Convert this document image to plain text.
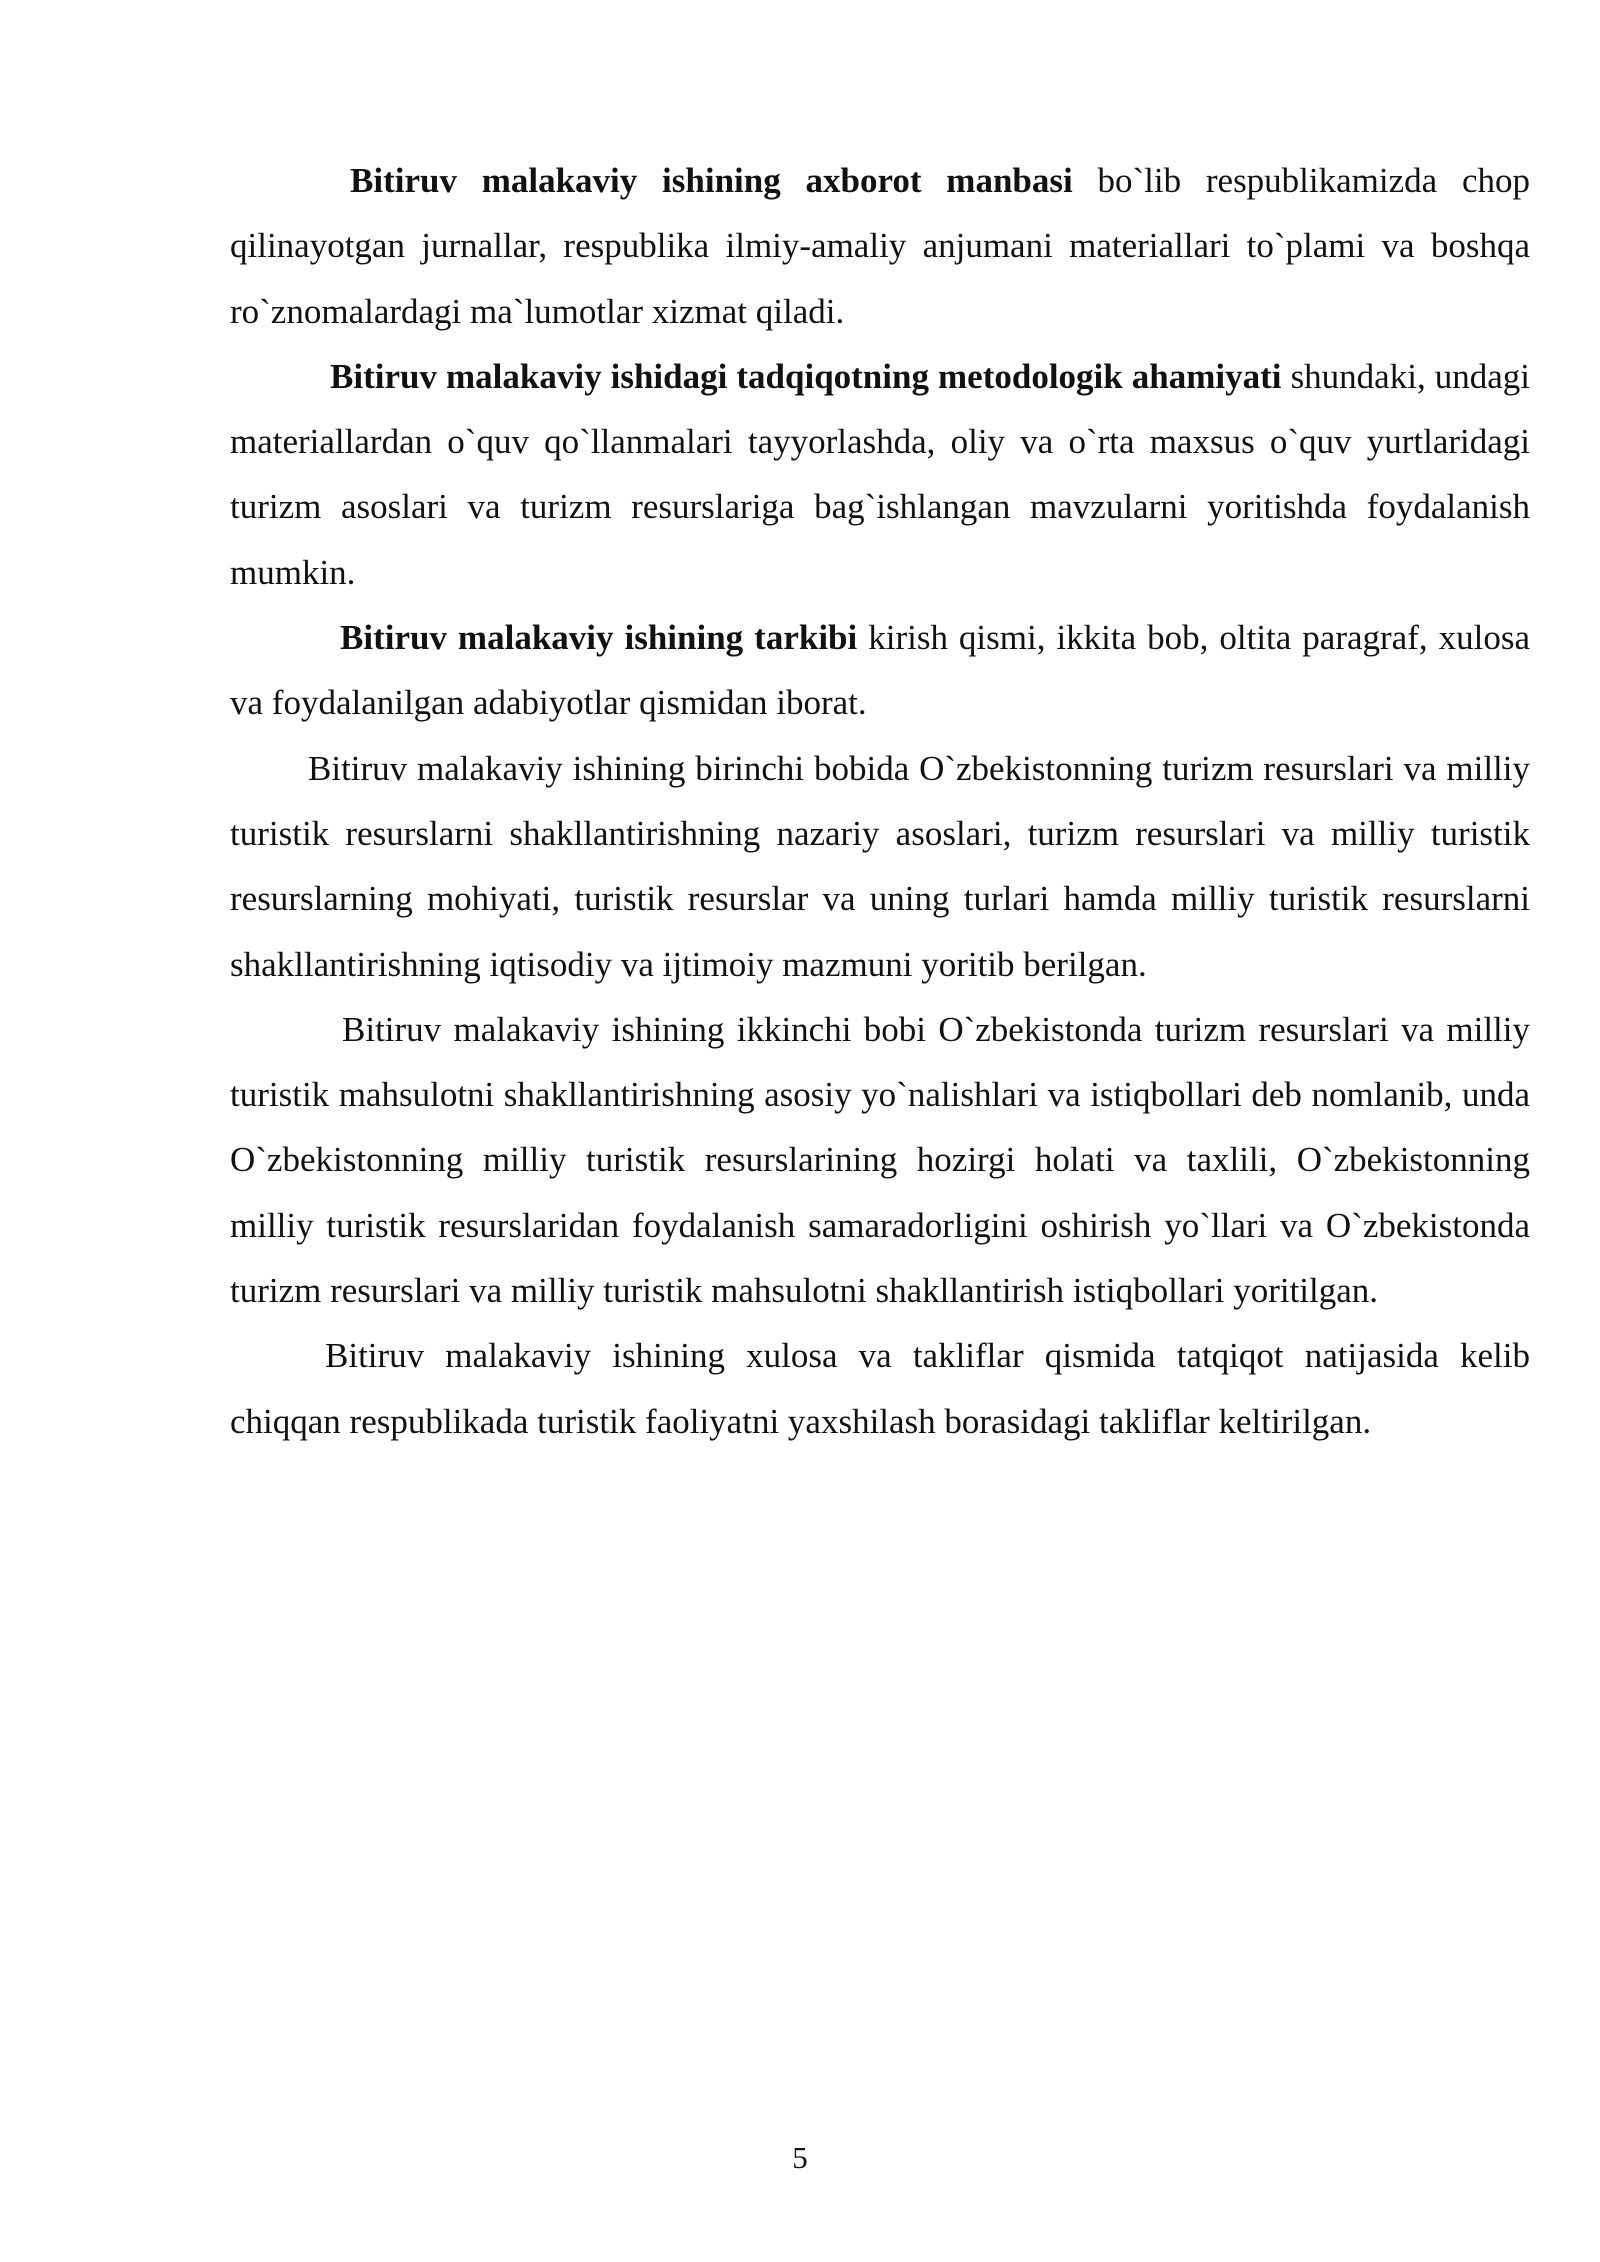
Bitiruv malakaviy ishining axborot manbasi bo`lib respublikamizda chop qilinayotgan jurnallar, respublika ilmiy-amaliy anjumani materiallari to`plami va boshqa ro`znomalardagi ma`lumotlar xizmat qiladi.

Bitiruv malakaviy ishidagi tadqiqotning metodologik ahamiyati shundaki, undagi materiallardan o`quv qo`llanmalari tayyorlashda, oliy va o`rta maxsus o`quv yurtlaridagi turizm asoslari va turizm resurslariga bag`ishlangan mavzularni yoritishda foydalanish mumkin.

Bitiruv malakaviy ishining tarkibi kirish qismi, ikkita bob, oltita paragraf, xulosa va foydalanilgan adabiyotlar qismidan iborat.

Bitiruv malakaviy ishining birinchi bobida O`zbekistonning turizm resurslari va milliy turistik resurslarni shakllantirishning nazariy asoslari, turizm resurslari va milliy turistik resurslarning mohiyati, turistik resurslar va uning turlari hamda milliy turistik resurslarni shakllantirishning iqtisodiy va ijtimoiy mazmuni yoritib berilgan.

Bitiruv malakaviy ishining ikkinchi bobi O`zbekistonda turizm resurslari va milliy turistik mahsulotni shakllantirishning asosiy yo`nalishlari va istiqbollari deb nomlanib, unda O`zbekistonning milliy turistik resurslarining hozirgi holati va taxlili, O`zbekistonning milliy turistik resurslaridan foydalanish samaradorligini oshirish yo`llari va O`zbekistonda turizm resurslari va milliy turistik mahsulotni shakllantirish istiqbollari yoritilgan.

Bitiruv malakaviy ishining xulosa va takliflar qismida tatqiqot natijasida kelib chiqqan respublikada turistik faoliyatni yaxshilash borasidagi takliflar keltirilgan.

5
